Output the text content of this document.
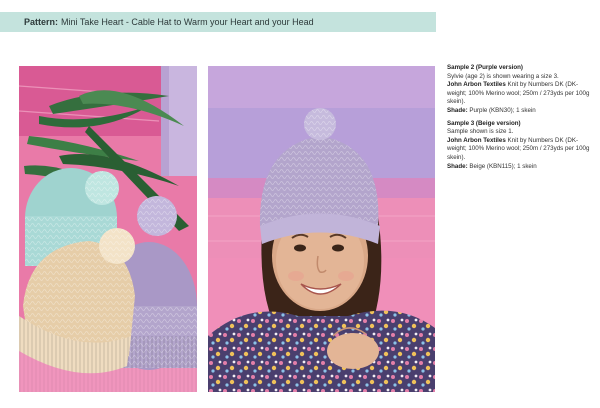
Pattern: Mini Take Heart - Cable Hat to Warm your Heart and your Head
Sample 2 (Purple version)
Sylvie (age 2) is shown wearing a size 3.
John Arbon Textiles Knit by Numbers DK (DK-weight; 100% Merino wool; 250m / 273yds per 100g skein).
Shade: Purple (KBN30); 1 skein
Sample 3 (Beige version)
Sample shown is size 1.
John Arbon Textiles Knit by Numbers DK (DK-weight; 100% Merino wool; 250m / 273yds per 100g skein).
Shade: Beige (KBN115); 1 skein
